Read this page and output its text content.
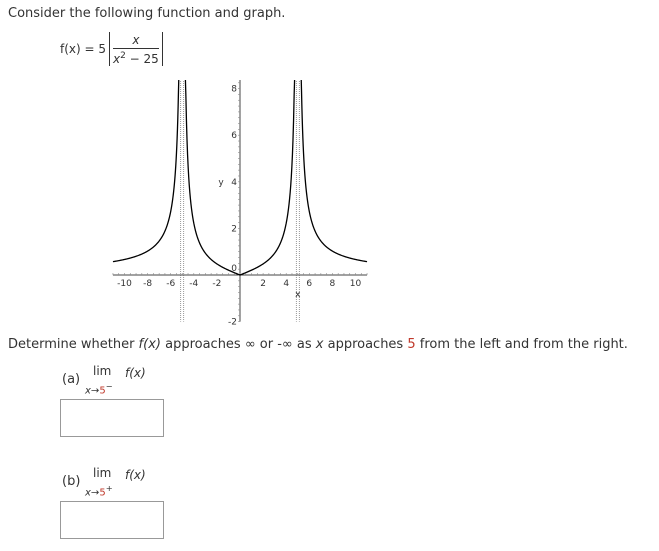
Consider the following function and graph.
$f(x) = 5 \frac{x}{x^2 - 25}$
-10 -8 -6 -4 -2	2 4 6 8 10
-2
2
4
6
8
0
y
x
Determine whether f(x) approaches ∞ or -∞ as x approaches 5 from the left and from the right.
(a)
lim f(x)
x→5−
(b)
lim f(x)
x→5+
